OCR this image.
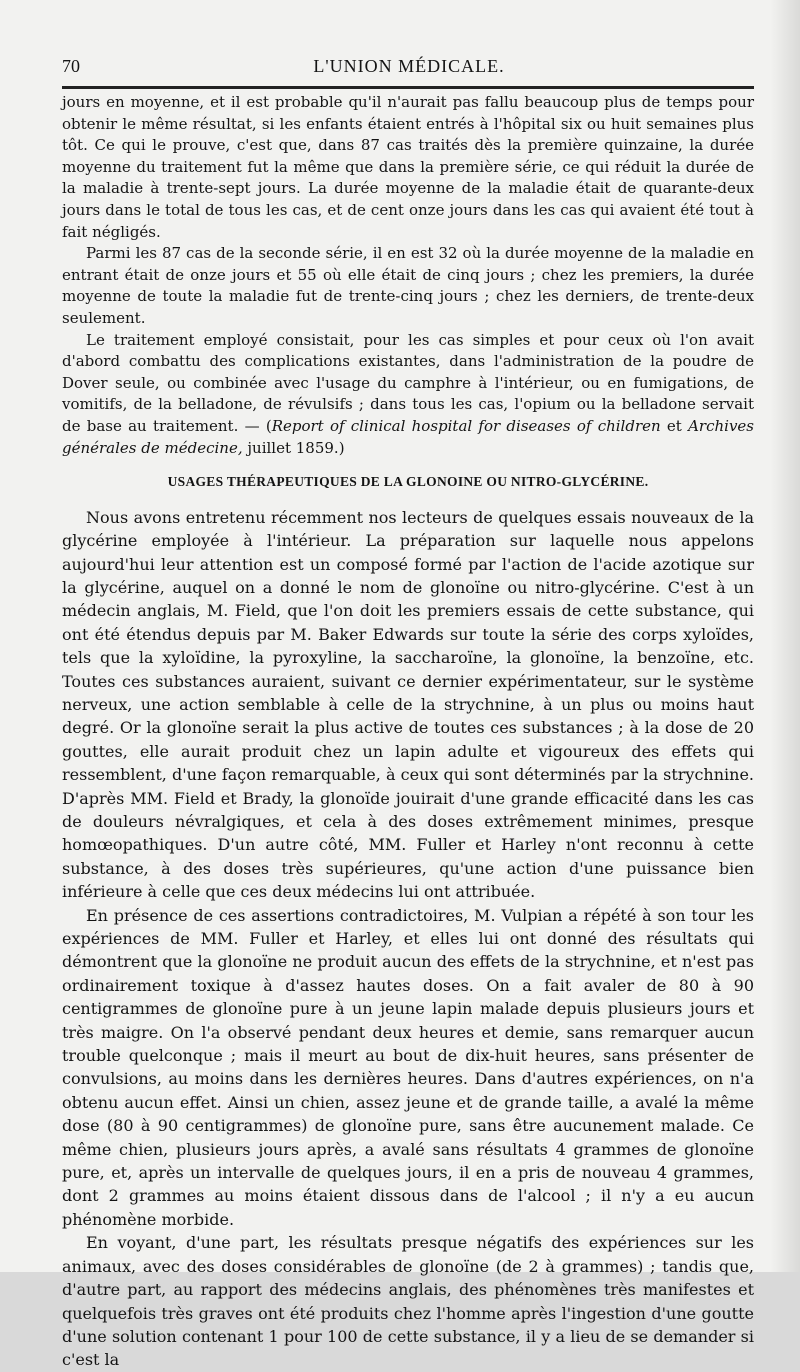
70	L'UNION MÉDICALE.

jours en moyenne, et il est probable qu'il n'aurait pas fallu beaucoup plus de temps pour obtenir le même résultat, si les enfants étaient entrés à l'hôpital six ou huit semaines plus tôt. Ce qui le prouve, c'est que, dans 87 cas traités dès la première quinzaine, la durée moyenne du traitement fut la même que dans la première série, ce qui réduit la durée de la maladie à trente-sept jours. La durée moyenne de la maladie était de quarante-deux jours dans le total de tous les cas, et de cent onze jours dans les cas qui avaient été tout à fait négligés.

Parmi les 87 cas de la seconde série, il en est 32 où la durée moyenne de la maladie en entrant était de onze jours et 55 où elle était de cinq jours ; chez les premiers, la durée moyenne de toute la maladie fut de trente-cinq jours ; chez les derniers, de trente-deux seulement.

Le traitement employé consistait, pour les cas simples et pour ceux où l'on avait d'abord combattu des complications existantes, dans l'administration de la poudre de Dover seule, ou combinée avec l'usage du camphre à l'intérieur, ou en fumigations, de vomitifs, de la belladone, de révulsifs ; dans tous les cas, l'opium ou la belladone servait de base au traitement. — (Report of clinical hospital for diseases of children et Archives générales de médecine, juillet 1859.)

USAGES THÉRAPEUTIQUES DE LA GLONOINE OU NITRO-GLYCÉRINE.

Nous avons entretenu récemment nos lecteurs de quelques essais nouveaux de la glycérine employée à l'intérieur. La préparation sur laquelle nous appelons aujourd'hui leur attention est un composé formé par l'action de l'acide azotique sur la glycérine, auquel on a donné le nom de glonoïne ou nitro-glycérine. C'est à un médecin anglais, M. Field, que l'on doit les premiers essais de cette substance, qui ont été étendus depuis par M. Baker Edwards sur toute la série des corps xyloïdes, tels que la xyloïdine, la pyroxyline, la saccharoïne, la glonoïne, la benzoïne, etc. Toutes ces substances auraient, suivant ce dernier expérimentateur, sur le système nerveux, une action semblable à celle de la strychnine, à un plus ou moins haut degré. Or la glonoïne serait la plus active de toutes ces substances ; à la dose de 20 gouttes, elle aurait produit chez un lapin adulte et vigoureux des effets qui ressemblent, d'une façon remarquable, à ceux qui sont déterminés par la strychnine. D'après MM. Field et Brady, la glonoïde jouirait d'une grande efficacité dans les cas de douleurs névralgiques, et cela à des doses extrêmement minimes, presque homœopathiques. D'un autre côté, MM. Fuller et Harley n'ont reconnu à cette substance, à des doses très supérieures, qu'une action d'une puissance bien inférieure à celle que ces deux médecins lui ont attribuée.

En présence de ces assertions contradictoires, M. Vulpian a répété à son tour les expériences de MM. Fuller et Harley, et elles lui ont donné des résultats qui démontrent que la glonoïne ne produit aucun des effets de la strychnine, et n'est pas ordinairement toxique à d'assez hautes doses. On a fait avaler de 80 à 90 centigrammes de glonoïne pure à un jeune lapin malade depuis plusieurs jours et très maigre. On l'a observé pendant deux heures et demie, sans remarquer aucun trouble quelconque ; mais il meurt au bout de dix-huit heures, sans présenter de convulsions, au moins dans les dernières heures. Dans d'autres expériences, on n'a obtenu aucun effet. Ainsi un chien, assez jeune et de grande taille, a avalé la même dose (80 à 90 centigrammes) de glonoïne pure, sans être aucunement malade. Ce même chien, plusieurs jours après, a avalé sans résultats 4 grammes de glonoïne pure, et, après un intervalle de quelques jours, il en a pris de nouveau 4 grammes, dont 2 grammes au moins étaient dissous dans de l'alcool ; il n'y a eu aucun phénomène morbide.

En voyant, d'une part, les résultats presque négatifs des expériences sur les animaux, avec des doses considérables de glonoïne (de 2 à grammes) ; tandis que, d'autre part, au rapport des médecins anglais, des phénomènes très manifestes et quelquefois très graves ont été produits chez l'homme après l'ingestion d'une goutte d'une solution contenant 1 pour 100 de cette substance, il y a lieu de se demander si c'est la
